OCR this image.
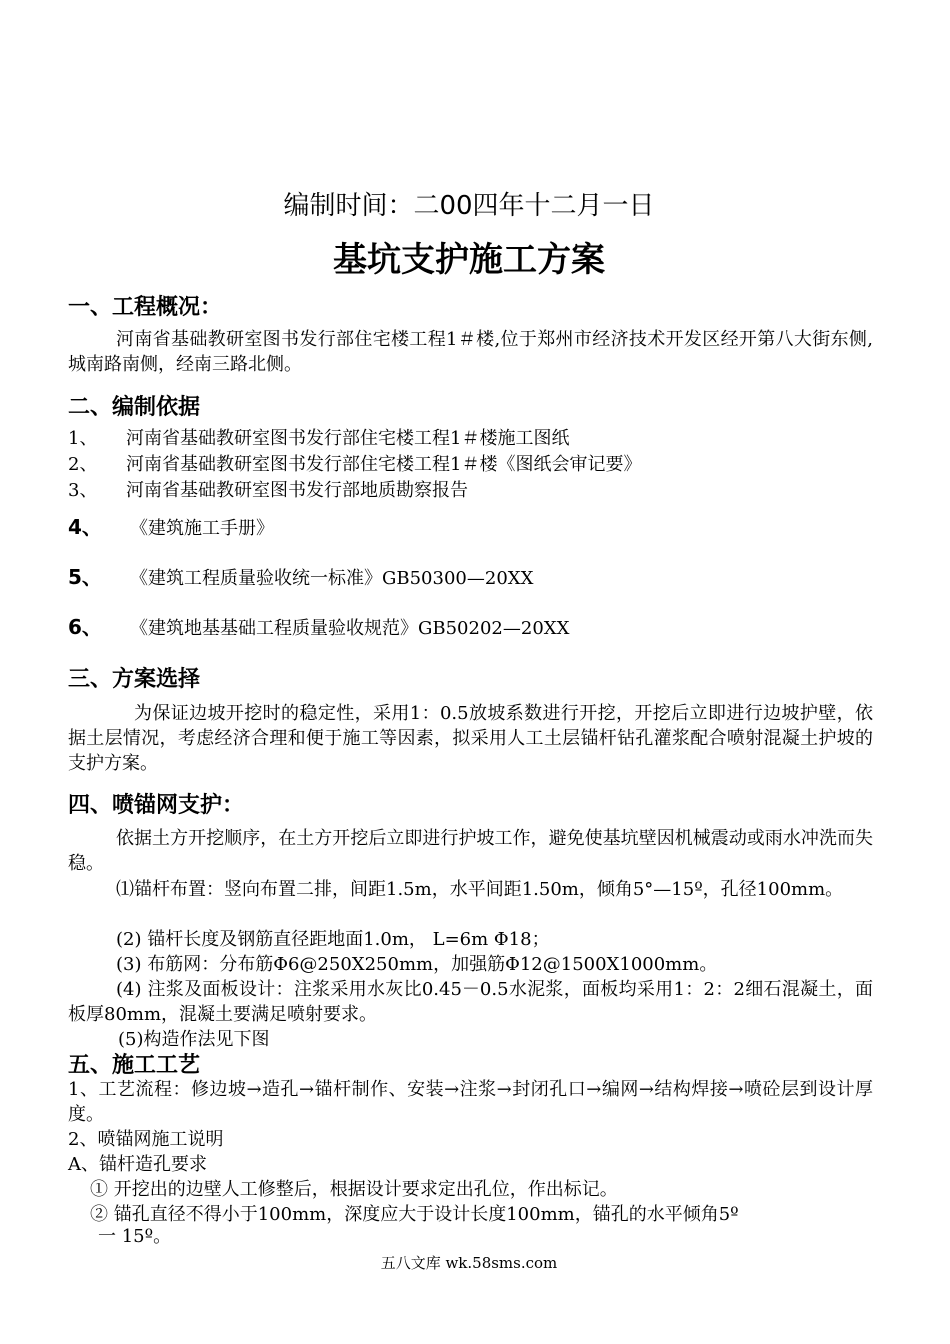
编制时间：二00四年十二月一日
基坑支护施工方案
一、工程概况：
河南省基础教研室图书发行部住宅楼工程1＃楼,位于郑州市经济技术开发区经开第八大街东侧,城南路南侧，经南三路北侧。
二、编制依据
1、 河南省基础教研室图书发行部住宅楼工程1＃楼施工图纸
2、 河南省基础教研室图书发行部住宅楼工程1＃楼《图纸会审记要》
3、 河南省基础教研室图书发行部地质勘察报告
4、 《建筑施工手册》
5、 《建筑工程质量验收统一标准》GB50300—20XX
6、 《建筑地基基础工程质量验收规范》GB50202—20XX
三、方案选择
为保证边坡开挖时的稳定性，采用1：0.5放坡系数进行开挖，开挖后立即进行边坡护壁，依据土层情况，考虑经济合理和便于施工等因素，拟采用人工土层锚杆钻孔灌浆配合喷射混凝土护坡的支护方案。
四、喷锚网支护：
依据土方开挖顺序，在土方开挖后立即进行护坡工作，避免使基坑壁因机械震动或雨水冲洗而失稳。
⑴锚杆布置：竖向布置二排，间距1.5m，水平间距1.50m，倾角5°—15º，孔径100mm。
(2) 锚杆长度及钢筋直径距地面1.0m， L=6m Φ18；
(3) 布筋网：分布筋Φ6@250X250mm，加强筋Φ12@1500X1000mm。
(4) 注浆及面板设计：注浆采用水灰比0.45－0.5水泥浆，面板均采用1：2：2细石混凝土，面板厚80mm，混凝土要满足喷射要求。
(5)构造作法见下图
五、施工工艺
1、工艺流程：修边坡→造孔→锚杆制作、安装→注浆→封闭孔口→编网→结构焊接→喷砼层到设计厚度。
2、喷锚网施工说明
A、锚杆造孔要求
① 开挖出的边壁人工修整后，根据设计要求定出孔位，作出标记。
② 锚孔直径不得小于100mm，深度应大于设计长度100mm，锚孔的水平倾角5º
一 15º。
五八文库 wk.58sms.com
